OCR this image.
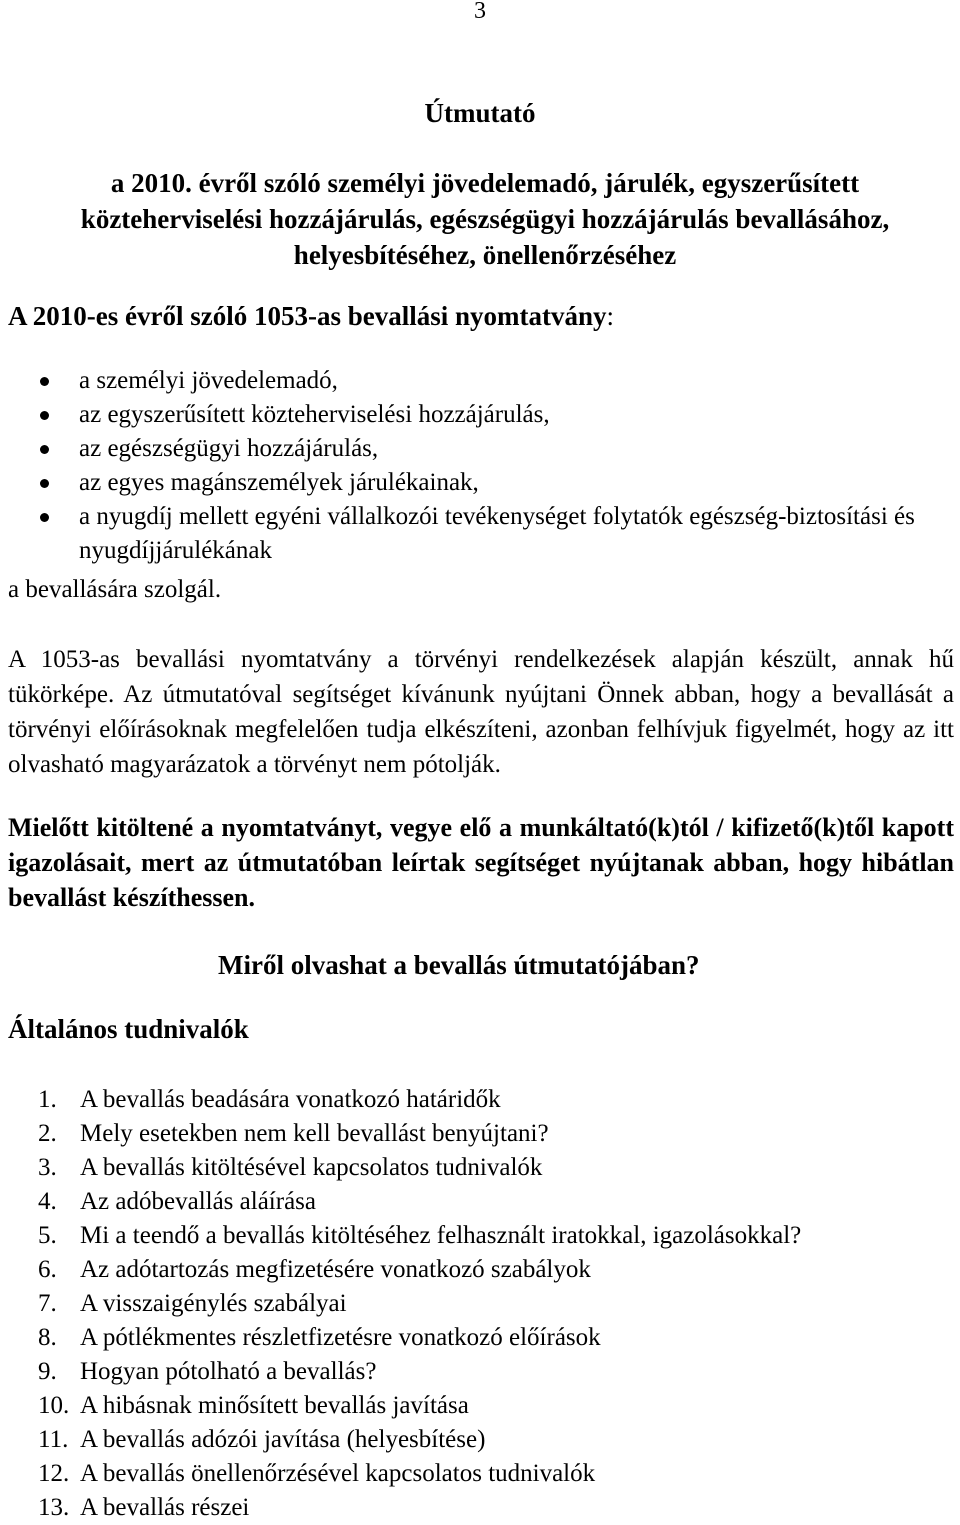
3
Útmutató
a 2010. évről szóló személyi jövedelemadó, járulék, egyszerűsített közteherviselési hozzájárulás, egészségügyi hozzájárulás bevallásához, helyesbítéséhez, önellenőrzéséhez
A 2010-es évről szóló 1053-as bevallási nyomtatvány:
a személyi jövedelemadó,
az egyszerűsített közteherviselési hozzájárulás,
az egészségügyi hozzájárulás,
az egyes magánszemélyek járulékainak,
a nyugdíj mellett egyéni vállalkozói tevékenységet folytatók egészség-biztosítási és nyugdíjjárulékának
a bevallására szolgál.
A 1053-as bevallási nyomtatvány a törvényi rendelkezések alapján készült, annak hű tükörképe. Az útmutatóval segítséget kívánunk nyújtani Önnek abban, hogy a bevallását a törvényi előírásoknak megfelelően tudja elkészíteni, azonban felhívjuk figyelmét, hogy az itt olvasható magyarázatok a törvényt nem pótolják.
Mielőtt kitöltené a nyomtatványt, vegye elő a munkáltató(k)tól / kifizető(k)től kapott igazolásait, mert az útmutatóban leírtak segítséget nyújtanak abban, hogy hibátlan bevallást készíthessen.
Miről olvashat a bevallás útmutatójában?
Általános tudnivalók
1. A bevallás beadására vonatkozó határidők
2. Mely esetekben nem kell bevallást benyújtani?
3. A bevallás kitöltésével kapcsolatos tudnivalók
4. Az adóbevallás aláírása
5. Mi a teendő a bevallás kitöltéséhez felhasznált iratokkal, igazolásokkal?
6. Az adótartozás megfizetésére vonatkozó szabályok
7. A visszaigénylés szabályai
8. A pótlékmentes részletfizetésre vonatkozó előírások
9. Hogyan pótolható a bevallás?
10. A hibásnak minősített bevallás javítása
11. A bevallás adózói javítása (helyesbítése)
12. A bevallás önellenőrzésével kapcsolatos tudnivalók
13. A bevallás részei
